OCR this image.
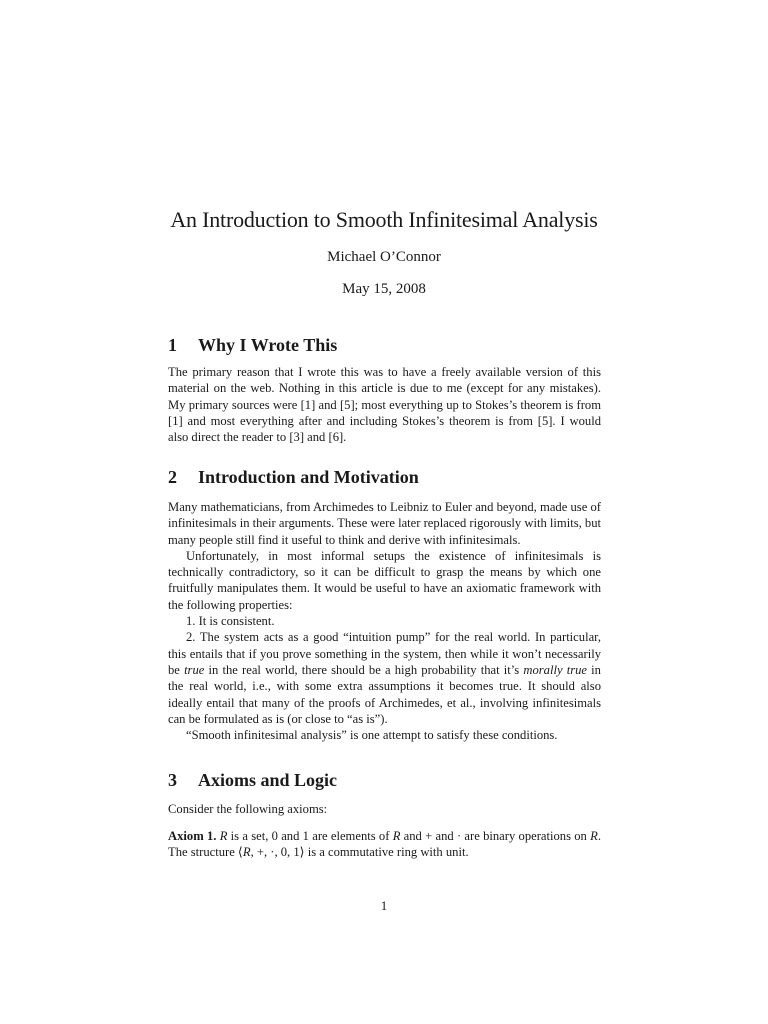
An Introduction to Smooth Infinitesimal Analysis
Michael O’Connor
May 15, 2008
1 Why I Wrote This

The primary reason that I wrote this was to have a freely available version of this material on the web. Nothing in this article is due to me (except for any mistakes). My primary sources were [1] and [5]; most everything up to Stokes’s theorem is from [1] and most everything after and including Stokes’s theorem is from [5]. I would also direct the reader to [3] and [6].

2 Introduction and Motivation

Many mathematicians, from Archimedes to Leibniz to Euler and beyond, made use of infinitesimals in their arguments. These were later replaced rigorously with limits, but many people still find it useful to think and derive with infinitesimals.

Unfortunately, in most informal setups the existence of infinitesimals is technically contradictory, so it can be difficult to grasp the means by which one fruitfully manipulates them. It would be useful to have an axiomatic framework with the following properties:

1. It is consistent.

2. The system acts as a good “intuition pump” for the real world. In particular, this entails that if you prove something in the system, then while it won’t necessarily be true in the real world, there should be a high probability that it’s morally true in the real world, i.e., with some extra assumptions it becomes true. It should also ideally entail that many of the proofs of Archimedes, et al., involving infinitesimals can be formulated as is (or close to “as is”).

“Smooth infinitesimal analysis” is one attempt to satisfy these conditions.

3 Axioms and Logic

Consider the following axioms:

Axiom 1. R is a set, 0 and 1 are elements of R and + and · are binary operations on R. The structure ⟨R, +, ·, 0, 1⟩ is a commutative ring with unit.

1
